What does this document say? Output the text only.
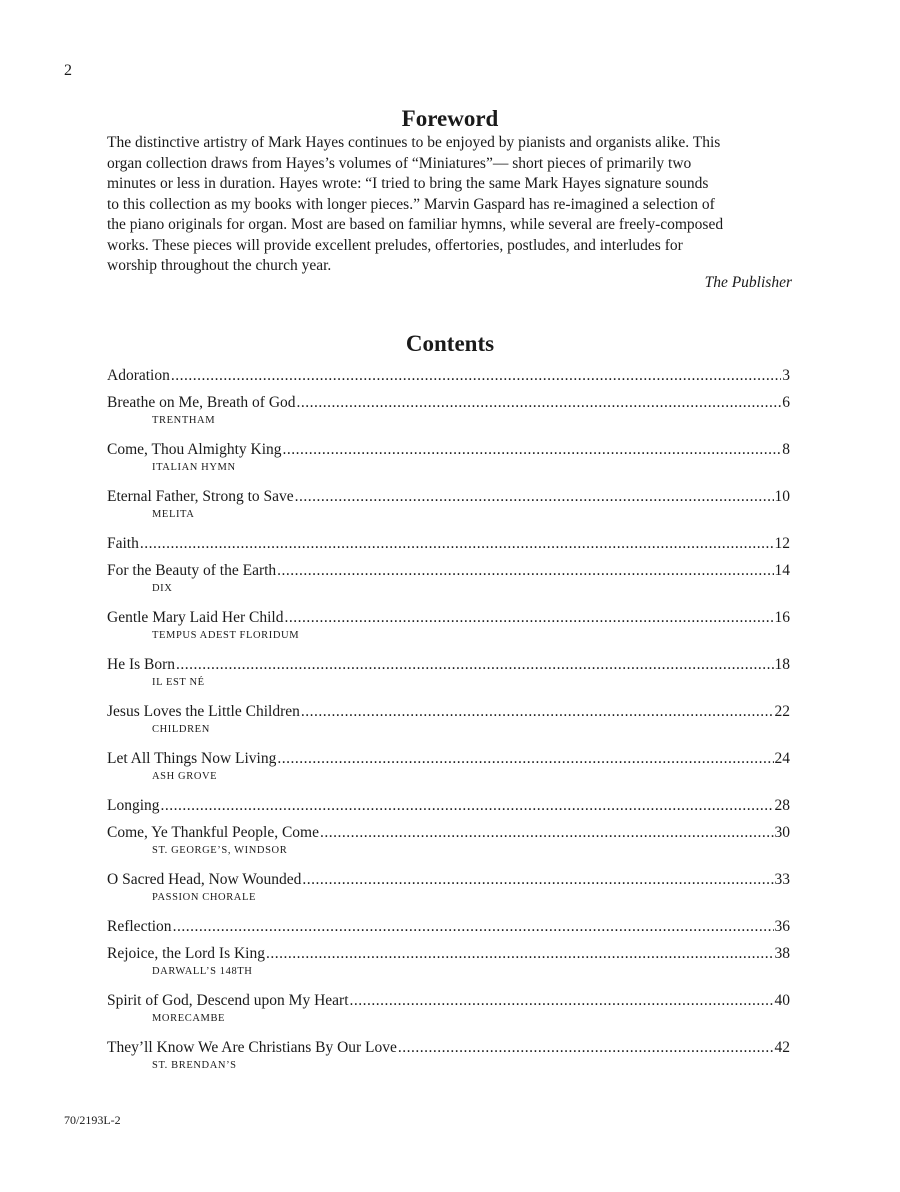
2
Foreword

The distinctive artistry of Mark Hayes continues to be enjoyed by pianists and organists alike. This

organ collection draws from Hayes’s volumes of “Miniatures”— short pieces of primarily two

minutes or less in duration. Hayes wrote: “I tried to bring the same Mark Hayes signature sounds

to this collection as my books with longer pieces.” Marvin Gaspard has re-imagined a selection of

the piano originals for organ. Most are based on familiar hymns, while several are freely-composed

works. These pieces will provide excellent preludes, offertories, postludes, and interludes for

worship throughout the church year.

The Publisher
Contents
Adoration .....	3
Breathe on Me, Breath of God .....	6
TRENTHAM
Come, Thou Almighty King .....	8
ITALIAN HYMN
Eternal Father, Strong to Save .....	10
MELITA
Faith .....	12
For the Beauty of the Earth .....	14
DIX
Gentle Mary Laid Her Child .....	16
TEMPUS ADEST FLORIDUM
He Is Born .....	18
IL EST NÉ
Jesus Loves the Little Children .....	22
CHILDREN
Let All Things Now Living .....	24
ASH GROVE
Longing .....	28
Come, Ye Thankful People, Come .....	30
ST. GEORGE’S, WINDSOR
O Sacred Head, Now Wounded .....	33
PASSION CHORALE
Reflection .....	36
Rejoice, the Lord Is King .....	38
DARWALL’S 148TH
Spirit of God, Descend upon My Heart .....	40
MORECAMBE
They’ll Know We Are Christians By Our Love .....	42
ST. BRENDAN’S
70/2193L-2
